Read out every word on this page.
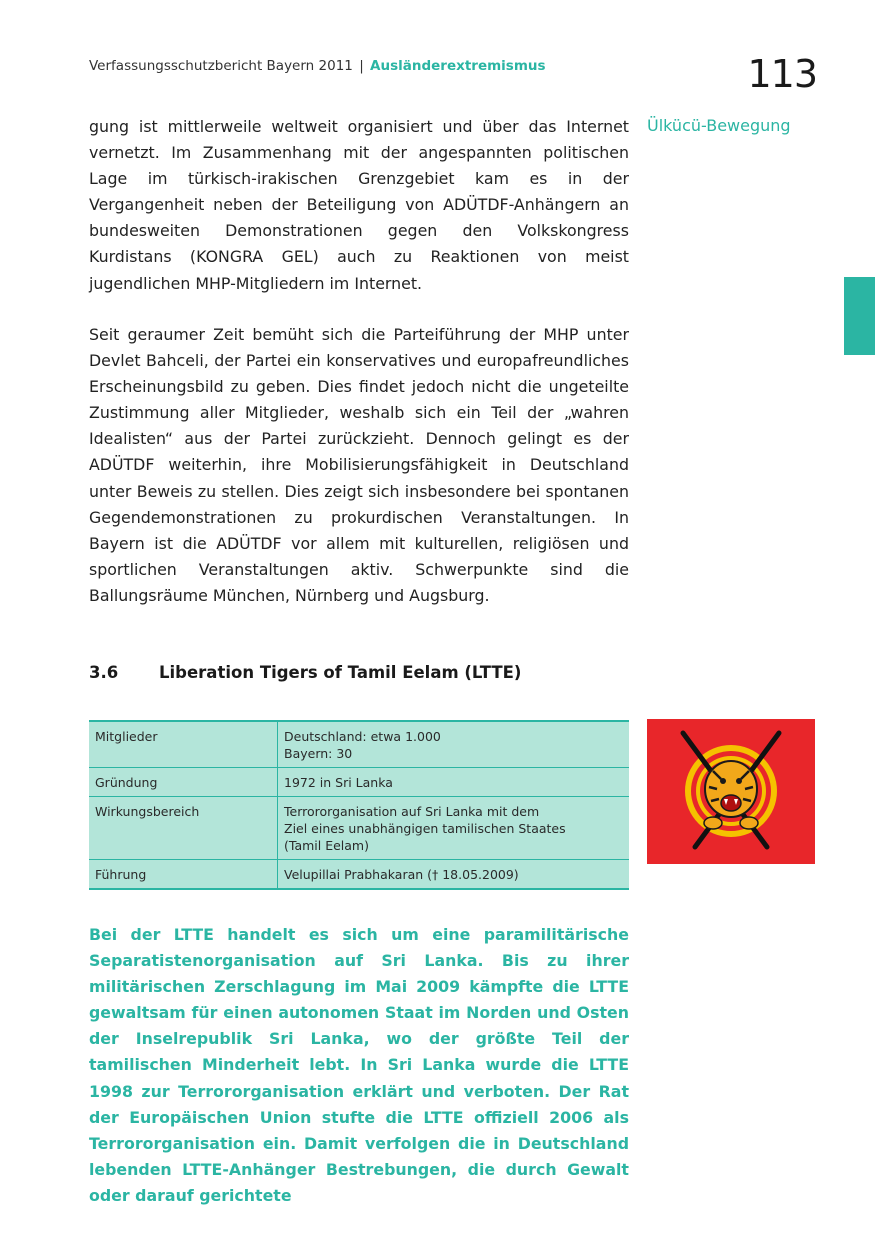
Verfassungsschutzbericht Bayern 2011 | Ausländerextremismus	113
Ülkücü-Bewegung

gung ist mittlerweile weltweit organisiert und über das Internet vernetzt. Im Zusammenhang mit der angespannten politischen Lage im türkisch-irakischen Grenzgebiet kam es in der Vergangenheit neben der Beteiligung von ADÜTDF-Anhängern an bundesweiten Demonstrationen gegen den Volkskongress Kurdistans (KONGRA GEL) auch zu Reaktionen von meist jugendlichen MHP-Mitgliedern im Internet.

Seit geraumer Zeit bemüht sich die Parteiführung der MHP unter Devlet Bahceli, der Partei ein konservatives und europafreundliches Erscheinungsbild zu geben. Dies findet jedoch nicht die ungeteilte Zustimmung aller Mitglieder, weshalb sich ein Teil der „wahren Idealisten“ aus der Partei zurückzieht. Dennoch gelingt es der ADÜTDF weiterhin, ihre Mobilisierungsfähigkeit in Deutschland unter Beweis zu stellen. Dies zeigt sich insbesondere bei spontanen Gegendemonstrationen zu prokurdischen Veranstaltungen. In Bayern ist die ADÜTDF vor allem mit kulturellen, religiösen und sportlichen Veranstaltungen aktiv. Schwerpunkte sind die Ballungsräume München, Nürnberg und Augsburg.

3.6 Liberation Tigers of Tamil Eelam (LTTE)
Mitglieder	Deutschland: etwa 1.000
Bayern: 30
Gründung	1972 in Sri Lanka
Wirkungsbereich	Terrororganisation auf Sri Lanka mit dem
Ziel eines unabhängigen tamilischen Staates
(Tamil Eelam)
Führung	Velupillai Prabhakaran († 18.05.2009)

Bei der LTTE handelt es sich um eine paramilitärische Separatistenorganisation auf Sri Lanka. Bis zu ihrer militärischen Zerschlagung im Mai 2009 kämpfte die LTTE gewaltsam für einen autonomen Staat im Norden und Osten der Inselrepublik Sri Lanka, wo der größte Teil der tamilischen Minderheit lebt. In Sri Lanka wurde die LTTE 1998 zur Terrororganisation erklärt und verboten. Der Rat der Europäischen Union stufte die LTTE offiziell 2006 als Terrororganisation ein. Damit verfolgen die in Deutschland lebenden LTTE-Anhänger Bestrebungen, die durch Gewalt oder darauf gerichtete
